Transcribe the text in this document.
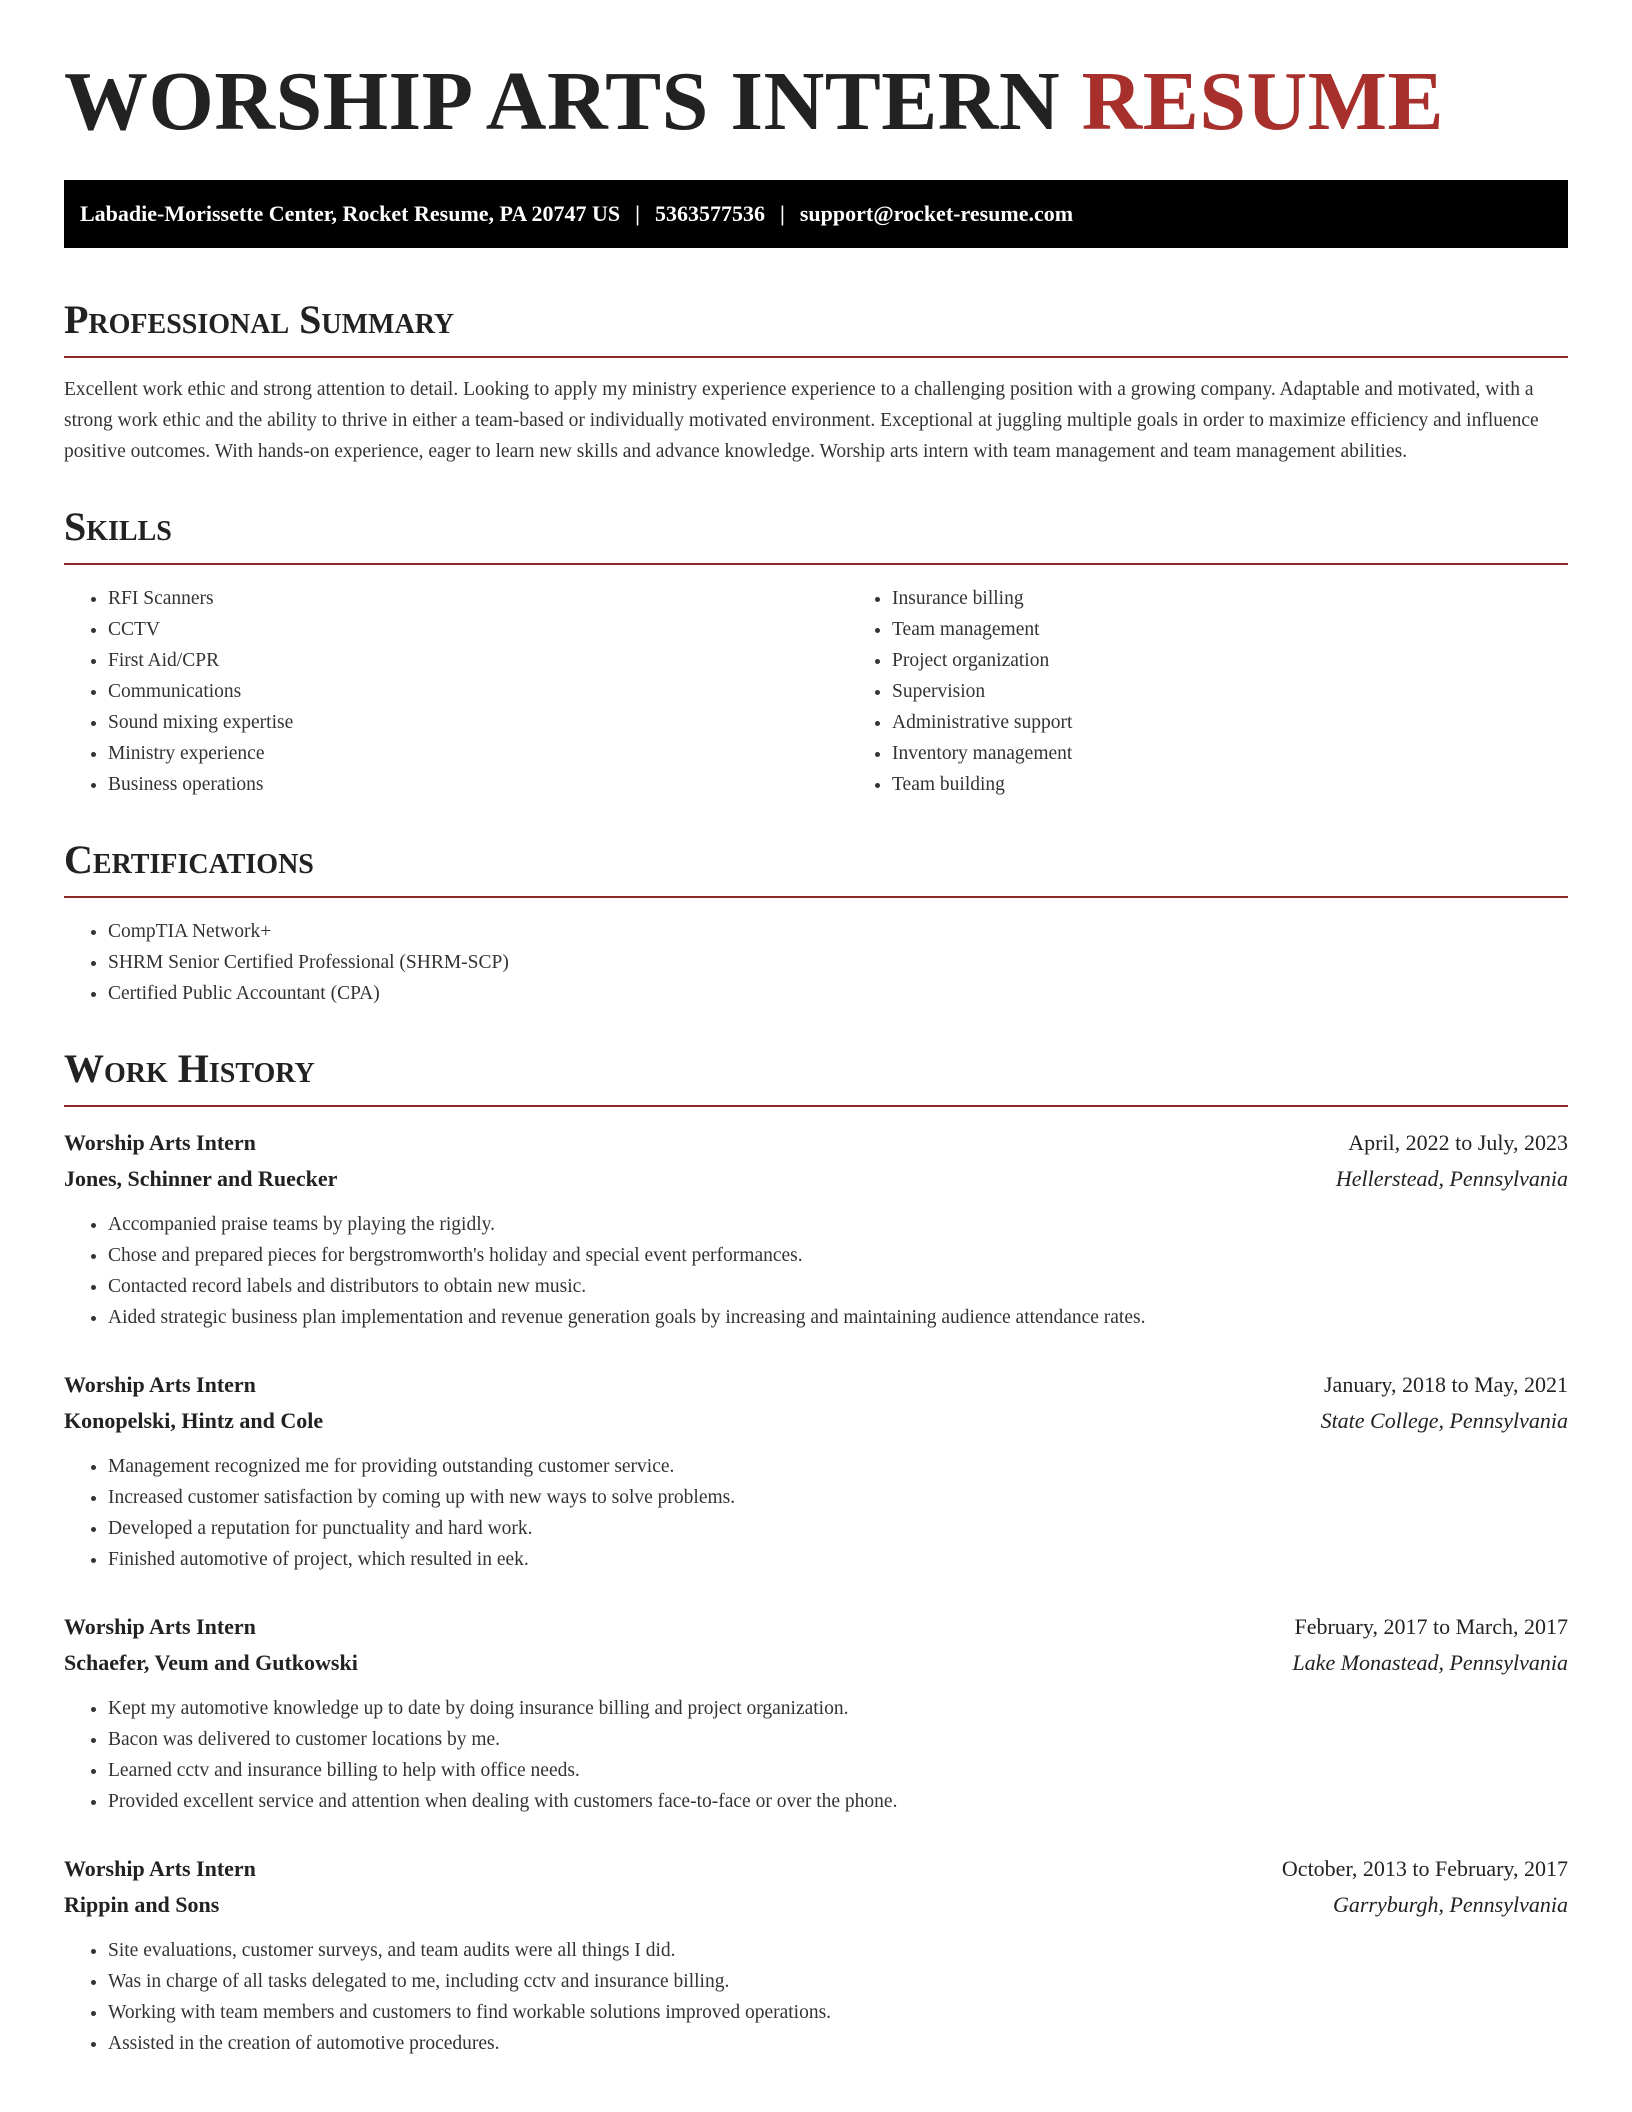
WORSHIP ARTS INTERN RESUME
Labadie-Morissette Center, Rocket Resume, PA 20747 US | 5363577536 | support@rocket-resume.com
Professional Summary

Excellent work ethic and strong attention to detail. Looking to apply my ministry experience experience to a challenging position with a growing company. Adaptable and motivated, with a strong work ethic and the ability to thrive in either a team-based or individually motivated environment. Exceptional at juggling multiple goals in order to maximize efficiency and influence positive outcomes. With hands-on experience, eager to learn new skills and advance knowledge. Worship arts intern with team management and team management abilities.

Skills
• RFI Scanners
• CCTV
• First Aid/CPR
• Communications
• Sound mixing expertise
• Ministry experience
• Business operations
• Insurance billing
• Team management
• Project organization
• Supervision
• Administrative support
• Inventory management
• Team building
Certifications
• CompTIA Network+
• SHRM Senior Certified Professional (SHRM-SCP)
• Certified Public Accountant (CPA)
Work History
Worship Arts Intern	April, 2022 to July, 2023
Jones, Schinner and Ruecker	Hellerstead, Pennsylvania
• Accompanied praise teams by playing the rigidly.
• Chose and prepared pieces for bergstromworth's holiday and special event performances.
• Contacted record labels and distributors to obtain new music.
• Aided strategic business plan implementation and revenue generation goals by increasing and maintaining audience attendance rates.
Worship Arts Intern	January, 2018 to May, 2021
Konopelski, Hintz and Cole	State College, Pennsylvania
• Management recognized me for providing outstanding customer service.
• Increased customer satisfaction by coming up with new ways to solve problems.
• Developed a reputation for punctuality and hard work.
• Finished automotive of project, which resulted in eek.
Worship Arts Intern	February, 2017 to March, 2017
Schaefer, Veum and Gutkowski	Lake Monastead, Pennsylvania
• Kept my automotive knowledge up to date by doing insurance billing and project organization.
• Bacon was delivered to customer locations by me.
• Learned cctv and insurance billing to help with office needs.
• Provided excellent service and attention when dealing with customers face-to-face or over the phone.
Worship Arts Intern	October, 2013 to February, 2017
Rippin and Sons	Garryburgh, Pennsylvania
• Site evaluations, customer surveys, and team audits were all things I did.
• Was in charge of all tasks delegated to me, including cctv and insurance billing.
• Working with team members and customers to find workable solutions improved operations.
• Assisted in the creation of automotive procedures.
